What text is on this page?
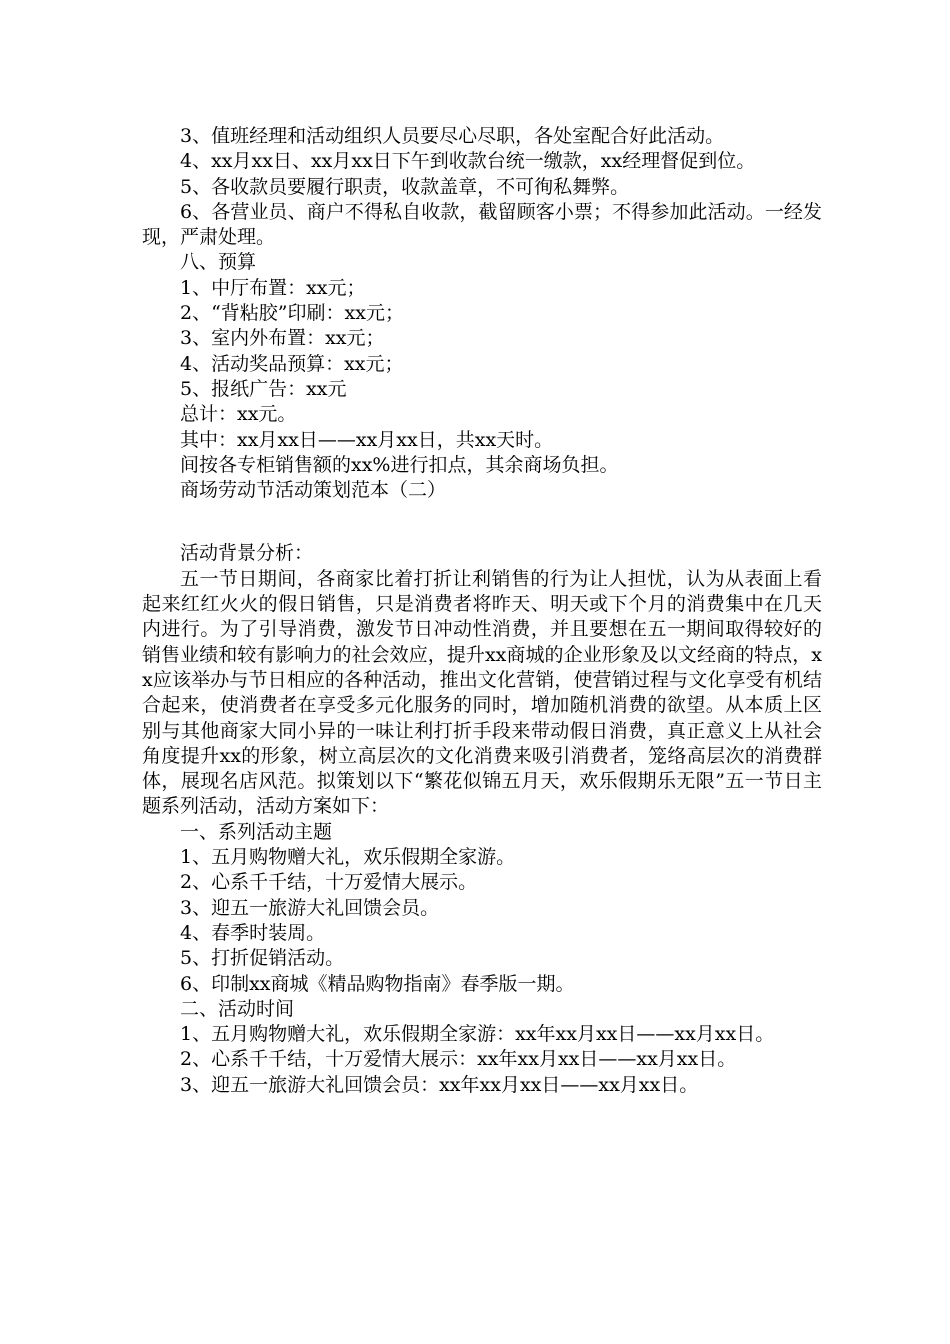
3、值班经理和活动组织人员要尽心尽职，各处室配合好此活动。

4、xx月xx日、xx月xx日下午到收款台统一缴款，xx经理督促到位。

5、各收款员要履行职责，收款盖章，不可徇私舞弊。

6、各营业员、商户不得私自收款，截留顾客小票；不得参加此活动。一经发现，严肃处理。

八、预算

1、中厅布置：xx元；

2、“背粘胶”印刷：xx元；

3、室内外布置：xx元；

4、活动奖品预算：xx元；

5、报纸广告：xx元

总计：xx元。

其中：xx月xx日——xx月xx日，共xx天时。

间按各专柜销售额的xx%进行扣点，其余商场负担。

商场劳动节活动策划范本（二）

活动背景分析：

五一节日期间，各商家比着打折让利销售的行为让人担忧，认为从表面上看起来红红火火的假日销售，只是消费者将昨天、明天或下个月的消费集中在几天内进行。为了引导消费，激发节日冲动性消费，并且要想在五一期间取得较好的销售业绩和较有影响力的社会效应，提升xx商城的企业形象及以文经商的特点，xx应该举办与节日相应的各种活动，推出文化营销，使营销过程与文化享受有机结合起来，使消费者在享受多元化服务的同时，增加随机消费的欲望。从本质上区别与其他商家大同小异的一味让利打折手段来带动假日消费，真正意义上从社会角度提升xx的形象，树立高层次的文化消费来吸引消费者，笼络高层次的消费群体，展现名店风范。拟策划以下“繁花似锦五月天，欢乐假期乐无限”五一节日主题系列活动，活动方案如下：

一、系列活动主题

1、五月购物赠大礼，欢乐假期全家游。

2、心系千千结，十万爱情大展示。

3、迎五一旅游大礼回馈会员。

4、春季时装周。

5、打折促销活动。

6、印制xx商城《精品购物指南》春季版一期。

二、活动时间

1、五月购物赠大礼，欢乐假期全家游：xx年xx月xx日——xx月xx日。

2、心系千千结，十万爱情大展示：xx年xx月xx日——xx月xx日。

3、迎五一旅游大礼回馈会员：xx年xx月xx日——xx月xx日。
